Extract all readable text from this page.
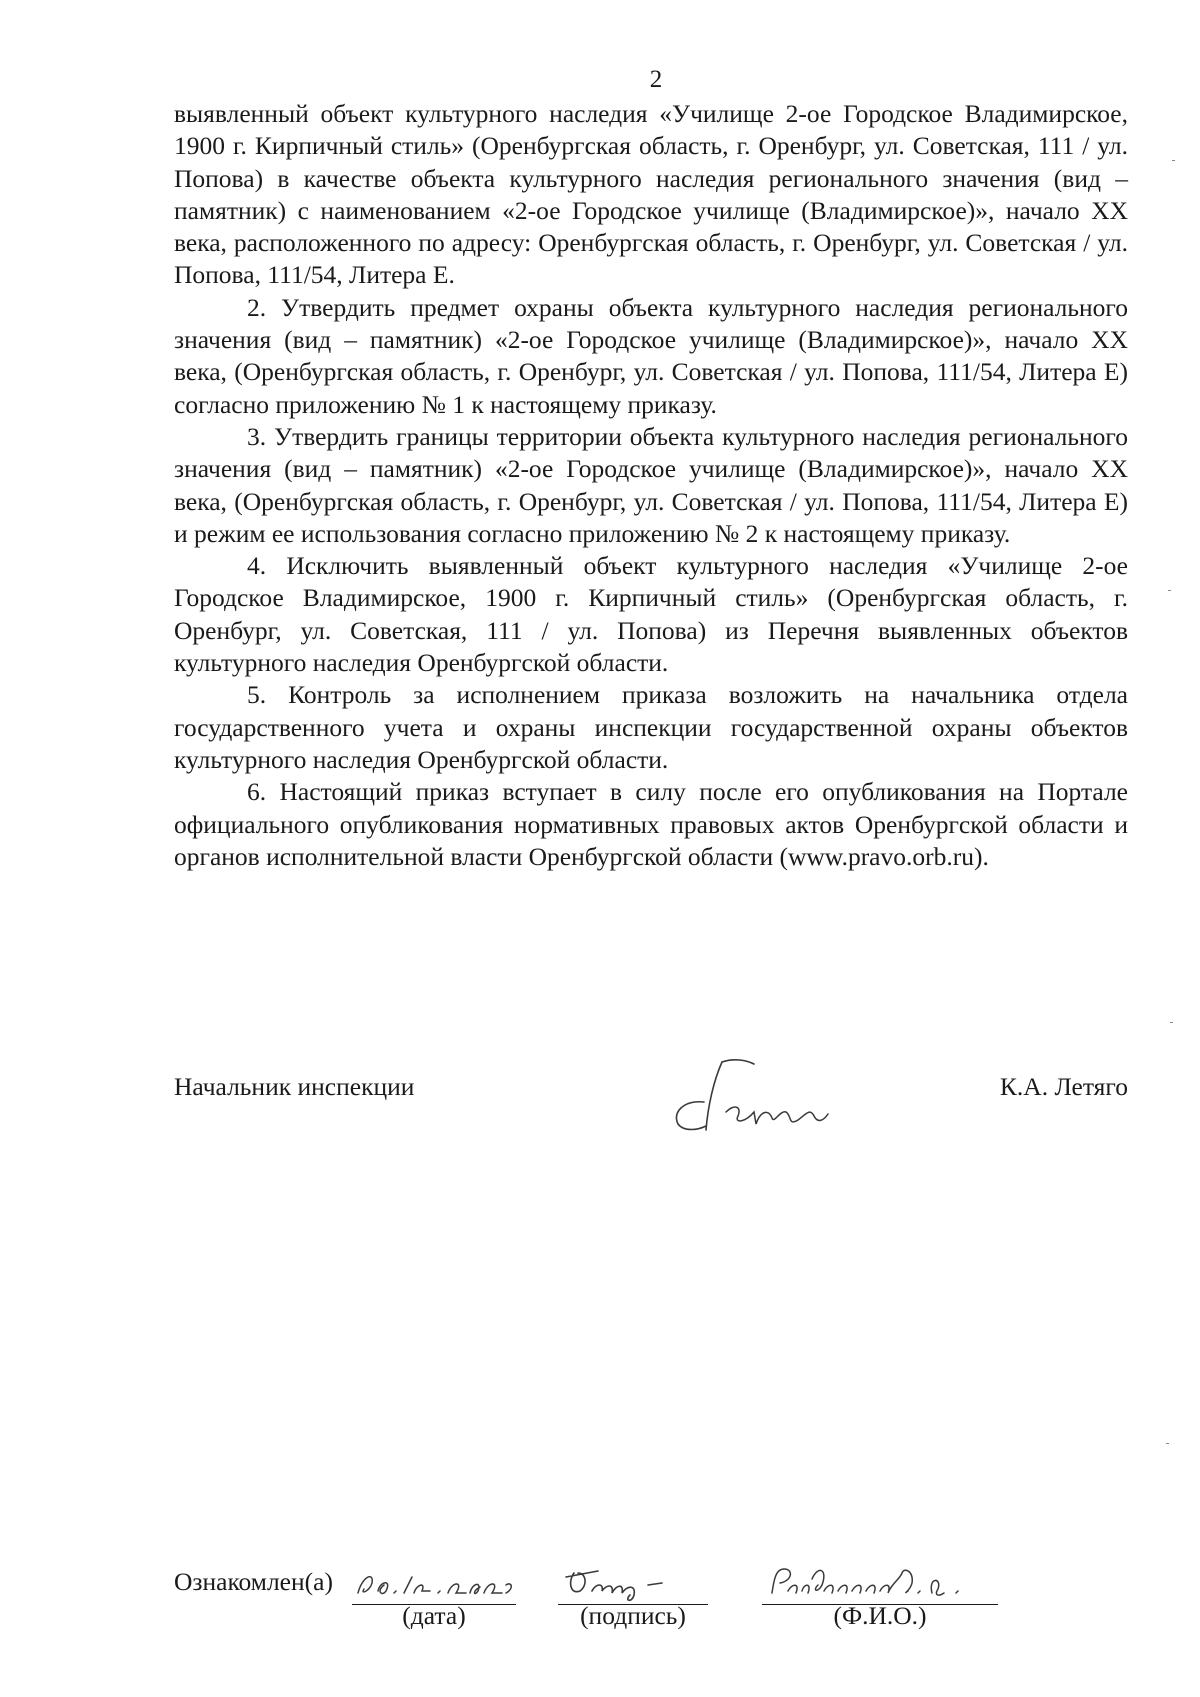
2

выявленный объект культурного наследия «Училище 2-ое Городское Владимирское, 1900 г. Кирпичный стиль» (Оренбургская область, г. Оренбург, ул. Советская, 111 / ул. Попова) в качестве объекта культурного наследия регионального значения (вид – памятник) с наименованием «2-ое Городское училище (Владимирское)», начало XX века, расположенного по адресу: Оренбургская область, г. Оренбург, ул. Советская / ул. Попова, 111/54, Литера Е.

2. Утвердить предмет охраны объекта культурного наследия регионального значения (вид – памятник) «2-ое Городское училище (Владимирское)», начало XX века, (Оренбургская область, г. Оренбург, ул. Советская / ул. Попова, 111/54, Литера Е) согласно приложению № 1 к настоящему приказу.

3. Утвердить границы территории объекта культурного наследия регионального значения (вид – памятник) «2-ое Городское училище (Владимирское)», начало XX века, (Оренбургская область, г. Оренбург, ул. Советская / ул. Попова, 111/54, Литера Е) и режим ее использования согласно приложению № 2 к настоящему приказу.

4. Исключить выявленный объект культурного наследия «Училище 2-ое Городское Владимирское, 1900 г. Кирпичный стиль» (Оренбургская область, г. Оренбург, ул. Советская, 111 / ул. Попова) из Перечня выявленных объектов культурного наследия Оренбургской области.

5. Контроль за исполнением приказа возложить на начальника отдела государственного учета и охраны инспекции государственной охраны объектов культурного наследия Оренбургской области.

6. Настоящий приказ вступает в силу после его опубликования на Портале официального опубликования нормативных правовых актов Оренбургской области и органов исполнительной власти Оренбургской области (www.pravo.orb.ru).

Начальник инспекции	К.А. Летяго
Ознакомлен(а)
(дата)	(подпись)	(Ф.И.О.)
